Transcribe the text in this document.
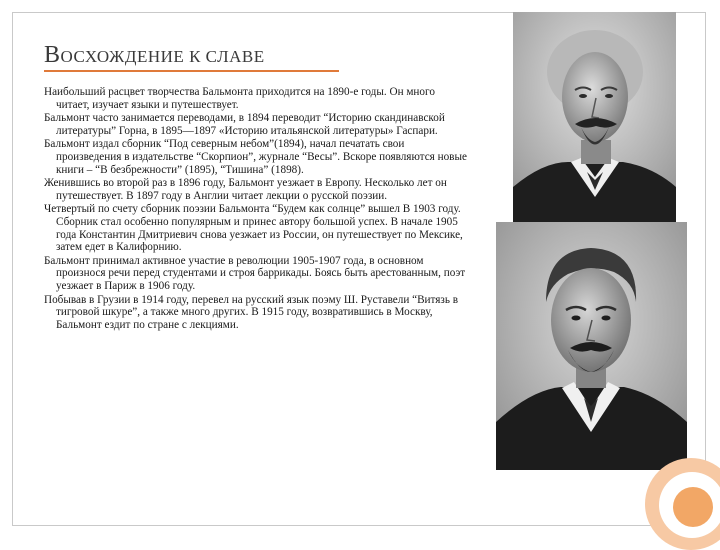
ВОСХОЖДЕНИЕ К СЛАВЕ

Наибольший расцвет творчества Бальмонта приходится на 1890-е годы. Он много читает, изучает языки и путешествует.

Бальмонт часто занимается переводами, в 1894 переводит “Историю скандинавской литературы” Горна, в 1895—1897 «Историю итальянской литературы» Гаспари.

Бальмонт издал сборник “Под северным небом”(1894), начал печатать свои произведения в издательстве “Скорпион”, журнале “Весы”. Вскоре появляются новые книги – “В безбрежности” (1895), “Тишина” (1898).

Женившись во второй раз в 1896 году, Бальмонт уезжает в Европу. Несколько лет он путешествует. В 1897 году в Англии читает лекции о русской поэзии.

Четвертый по счету сборник поэзии Бальмонта “Будем как солнце” вышел В 1903 году. Сборник стал особенно популярным и принес автору большой успех. В начале 1905 года Константин Дмитриевич снова уезжает из России, он путешествует по Мексике, затем едет в Калифорнию.

Бальмонт принимал активное участие в революции 1905-1907 года, в основном произнося речи перед студентами и строя баррикады. Боясь быть арестованным, поэт уезжает в Париж в 1906 году.

Побывав в Грузии в 1914 году, перевел на русский язык поэму Ш. Руставели “Витязь в тигровой шкуре”, а также много других. В 1915 году, возвратившись в Москву, Бальмонт ездит по стране с лекциями.
